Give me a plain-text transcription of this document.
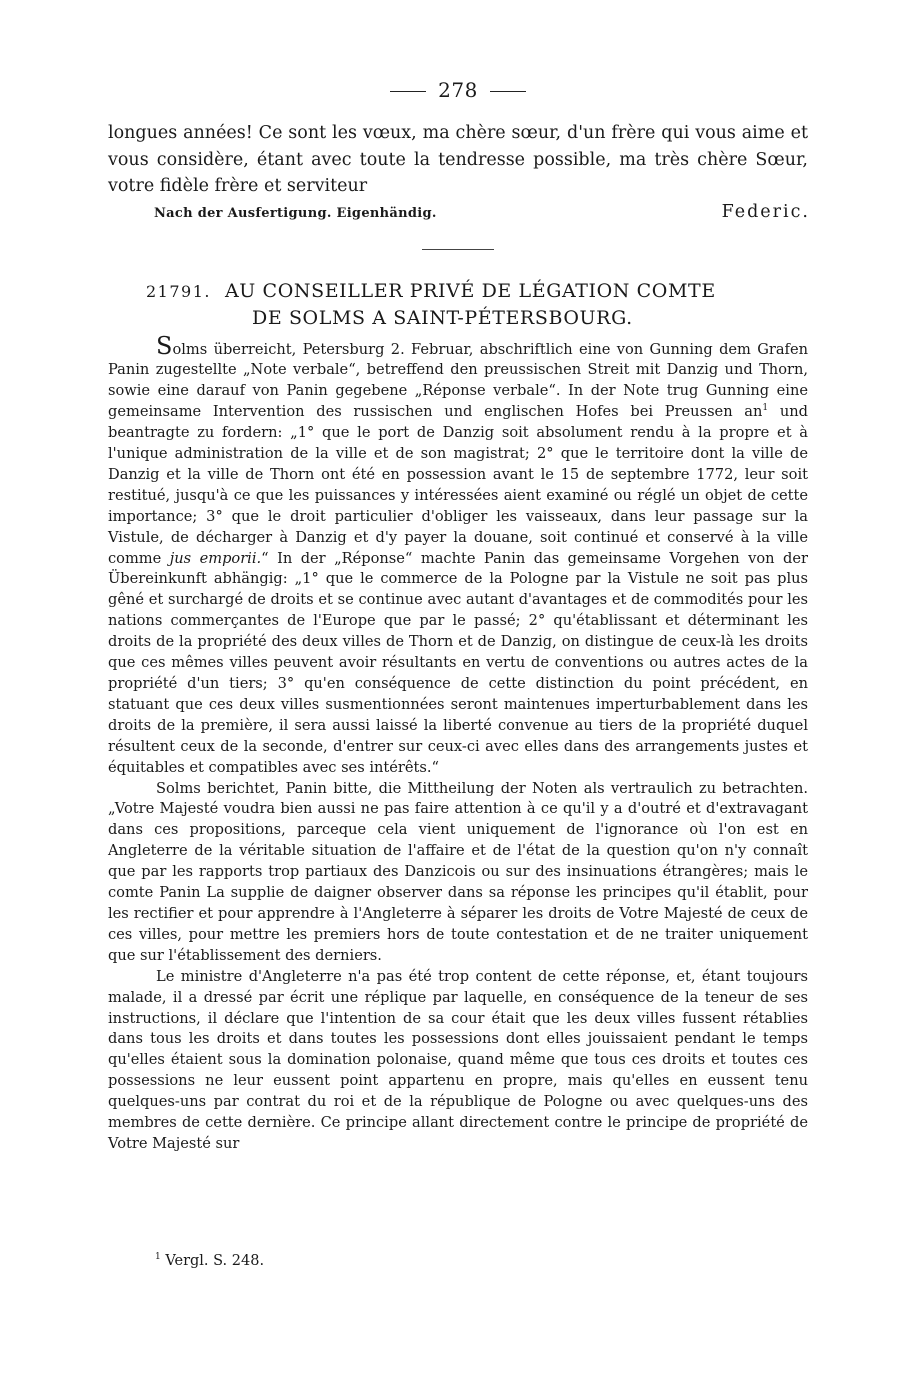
278

longues années! Ce sont les vœux, ma chère sœur, d'un frère qui vous aime et vous considère, étant avec toute la tendresse possible, ma très chère Sœur, votre fidèle frère et serviteur

Federic.
Nach der Ausfertigung. Eigenhändig.
21791. AU CONSEILLER PRIVÉ DE LÉGATION COMTE
DE SOLMS A SAINT-PÉTERSBOURG.

Solms überreicht, Petersburg 2. Februar, abschriftlich eine von Gunning dem Grafen Panin zugestellte „Note verbale“, betreffend den preussischen Streit mit Danzig und Thorn, sowie eine darauf von Panin gegebene „Réponse verbale“. In der Note trug Gunning eine gemeinsame Intervention des russischen und englischen Hofes bei Preussen $an^1$ und beantragte zu fordern: „1° que le port de Danzig soit absolument rendu à la propre et à l'unique administration de la ville et de son magistrat; 2° que le territoire dont la ville de Danzig et la ville de Thorn ont été en possession avant le 15 de septembre 1772, leur soit restitué, jusqu'à ce que les puissances y intéressées aient examiné ou réglé un objet de cette importance; 3° que le droit particulier d'obliger les vaisseaux, dans leur passage sur la Vistule, de décharger à Danzig et d'y payer la douane, soit continué et conservé à la ville comme jus emporii.“ In der „Réponse“ machte Panin das gemeinsame Vorgehen von der Übereinkunft abhängig: „1° que le commerce de la Pologne par la Vistule ne soit pas plus gêné et surchargé de droits et se continue avec autant d'avantages et de commodités pour les nations commerçantes de l'Europe que par le passé; 2° qu'établissant et déterminant les droits de la propriété des deux villes de Thorn et de Danzig, on distingue de ceux-là les droits que ces mêmes villes peuvent avoir résultants en vertu de conventions ou autres actes de la propriété d'un tiers; 3° qu'en conséquence de cette distinction du point précédent, en statuant que ces deux villes susmentionnées seront maintenues imperturbablement dans les droits de la première, il sera aussi laissé la liberté convenue au tiers de la propriété duquel résultent ceux de la seconde, d'entrer sur ceux-ci avec elles dans des arrangements justes et équitables et compatibles avec ses intérêts.“

Solms berichtet, Panin bitte, die Mittheilung der Noten als vertraulich zu betrachten. „Votre Majesté voudra bien aussi ne pas faire attention à ce qu'il y a d'outré et d'extravagant dans ces propositions, parceque cela vient uniquement de l'ignorance où l'on est en Angleterre de la véritable situation de l'affaire et de l'état de la question qu'on n'y connaît que par les rapports trop partiaux des Danzicois ou sur des insinuations étrangères; mais le comte Panin La supplie de daigner observer dans sa réponse les principes qu'il établit, pour les rectifier et pour apprendre à l'Angleterre à séparer les droits de Votre Majesté de ceux de ces villes, pour mettre les premiers hors de toute contestation et de ne traiter uniquement que sur l'établissement des derniers.

Le ministre d'Angleterre n'a pas été trop content de cette réponse, et, étant toujours malade, il a dressé par écrit une réplique par laquelle, en conséquence de la teneur de ses instructions, il déclare que l'intention de sa cour était que les deux villes fussent rétablies dans tous les droits et dans toutes les possessions dont elles jouissaient pendant le temps qu'elles étaient sous la domination polonaise, quand même que tous ces droits et toutes ces possessions ne leur eussent point appartenu en propre, mais qu'elles en eussent tenu quelques-uns par contrat du roi et de la république de Pologne ou avec quelques-uns des membres de cette dernière. Ce principe allant directement contre le principe de propriété de Votre Majesté sur

$^1$ Vergl. S. 248.
